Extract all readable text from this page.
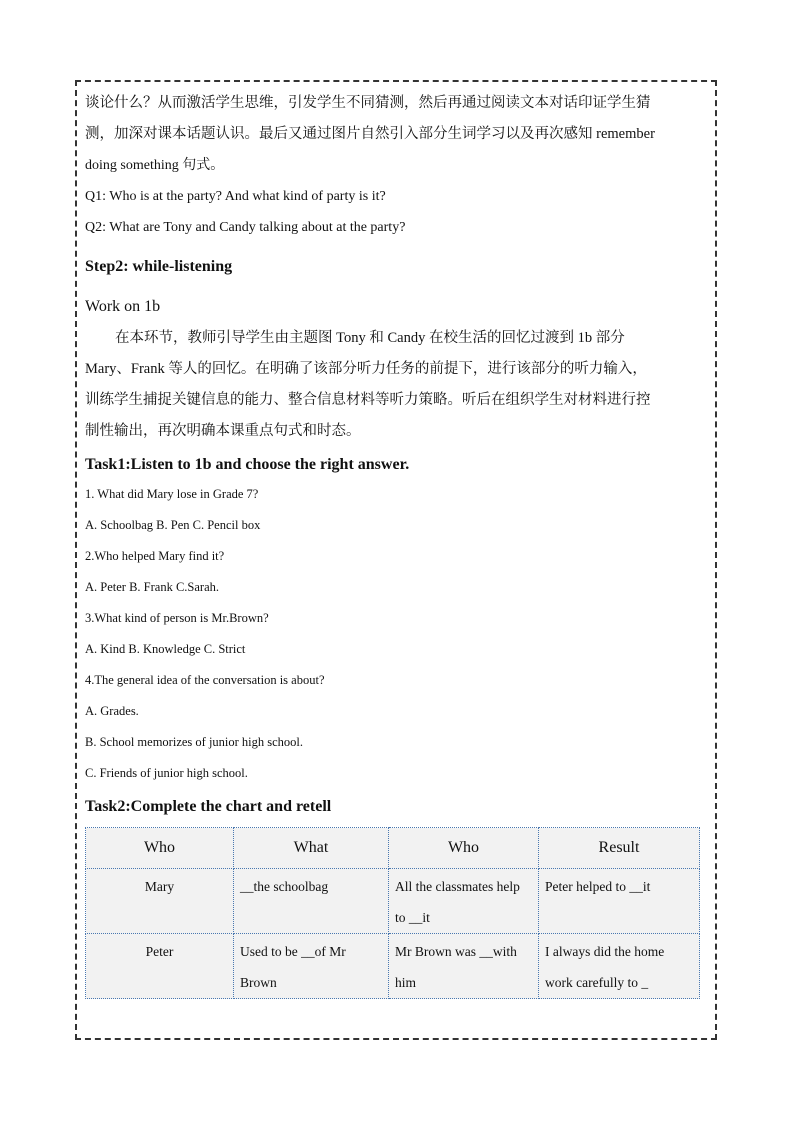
谈论什么？从而激活学生思维，引发学生不同猜测，然后再通过阅读文本对话印证学生猜

测，加深对课本话题认识。最后又通过图片自然引入部分生词学习以及再次感知 remember

doing something 句式。

Q1: Who is at the party? And what kind of party is it?

Q2: What are Tony and Candy talking about at the party?

Step2: while-listening

Work on 1b

在本环节，教师引导学生由主题图 Tony 和 Candy 在校生活的回忆过渡到 1b 部分

Mary、Frank 等人的回忆。在明确了该部分听力任务的前提下，进行该部分的听力输入，

训练学生捕捉关键信息的能力、整合信息材料等听力策略。听后在组织学生对材料进行控

制性输出，再次明确本课重点句式和时态。

Task1:Listen to 1b and choose the right answer.

1. What did Mary lose in Grade 7?

A. Schoolbag B. Pen C. Pencil box

2.Who helped Mary find it?

A. Peter B. Frank C.Sarah.

3.What kind of person is Mr.Brown?

A. Kind B. Knowledge C. Strict

4.The general idea of the conversation is about?

A. Grades.

B. School memorizes of junior high school.

C. Friends of junior high school.

Task2:Complete the chart and retell

Who	What	Who	Result
Mary	__the schoolbag	All the classmates help to __it	Peter helped to __it
Peter	Used to be __of Mr Brown	Mr Brown was __with him	I always did the home work carefully to _
